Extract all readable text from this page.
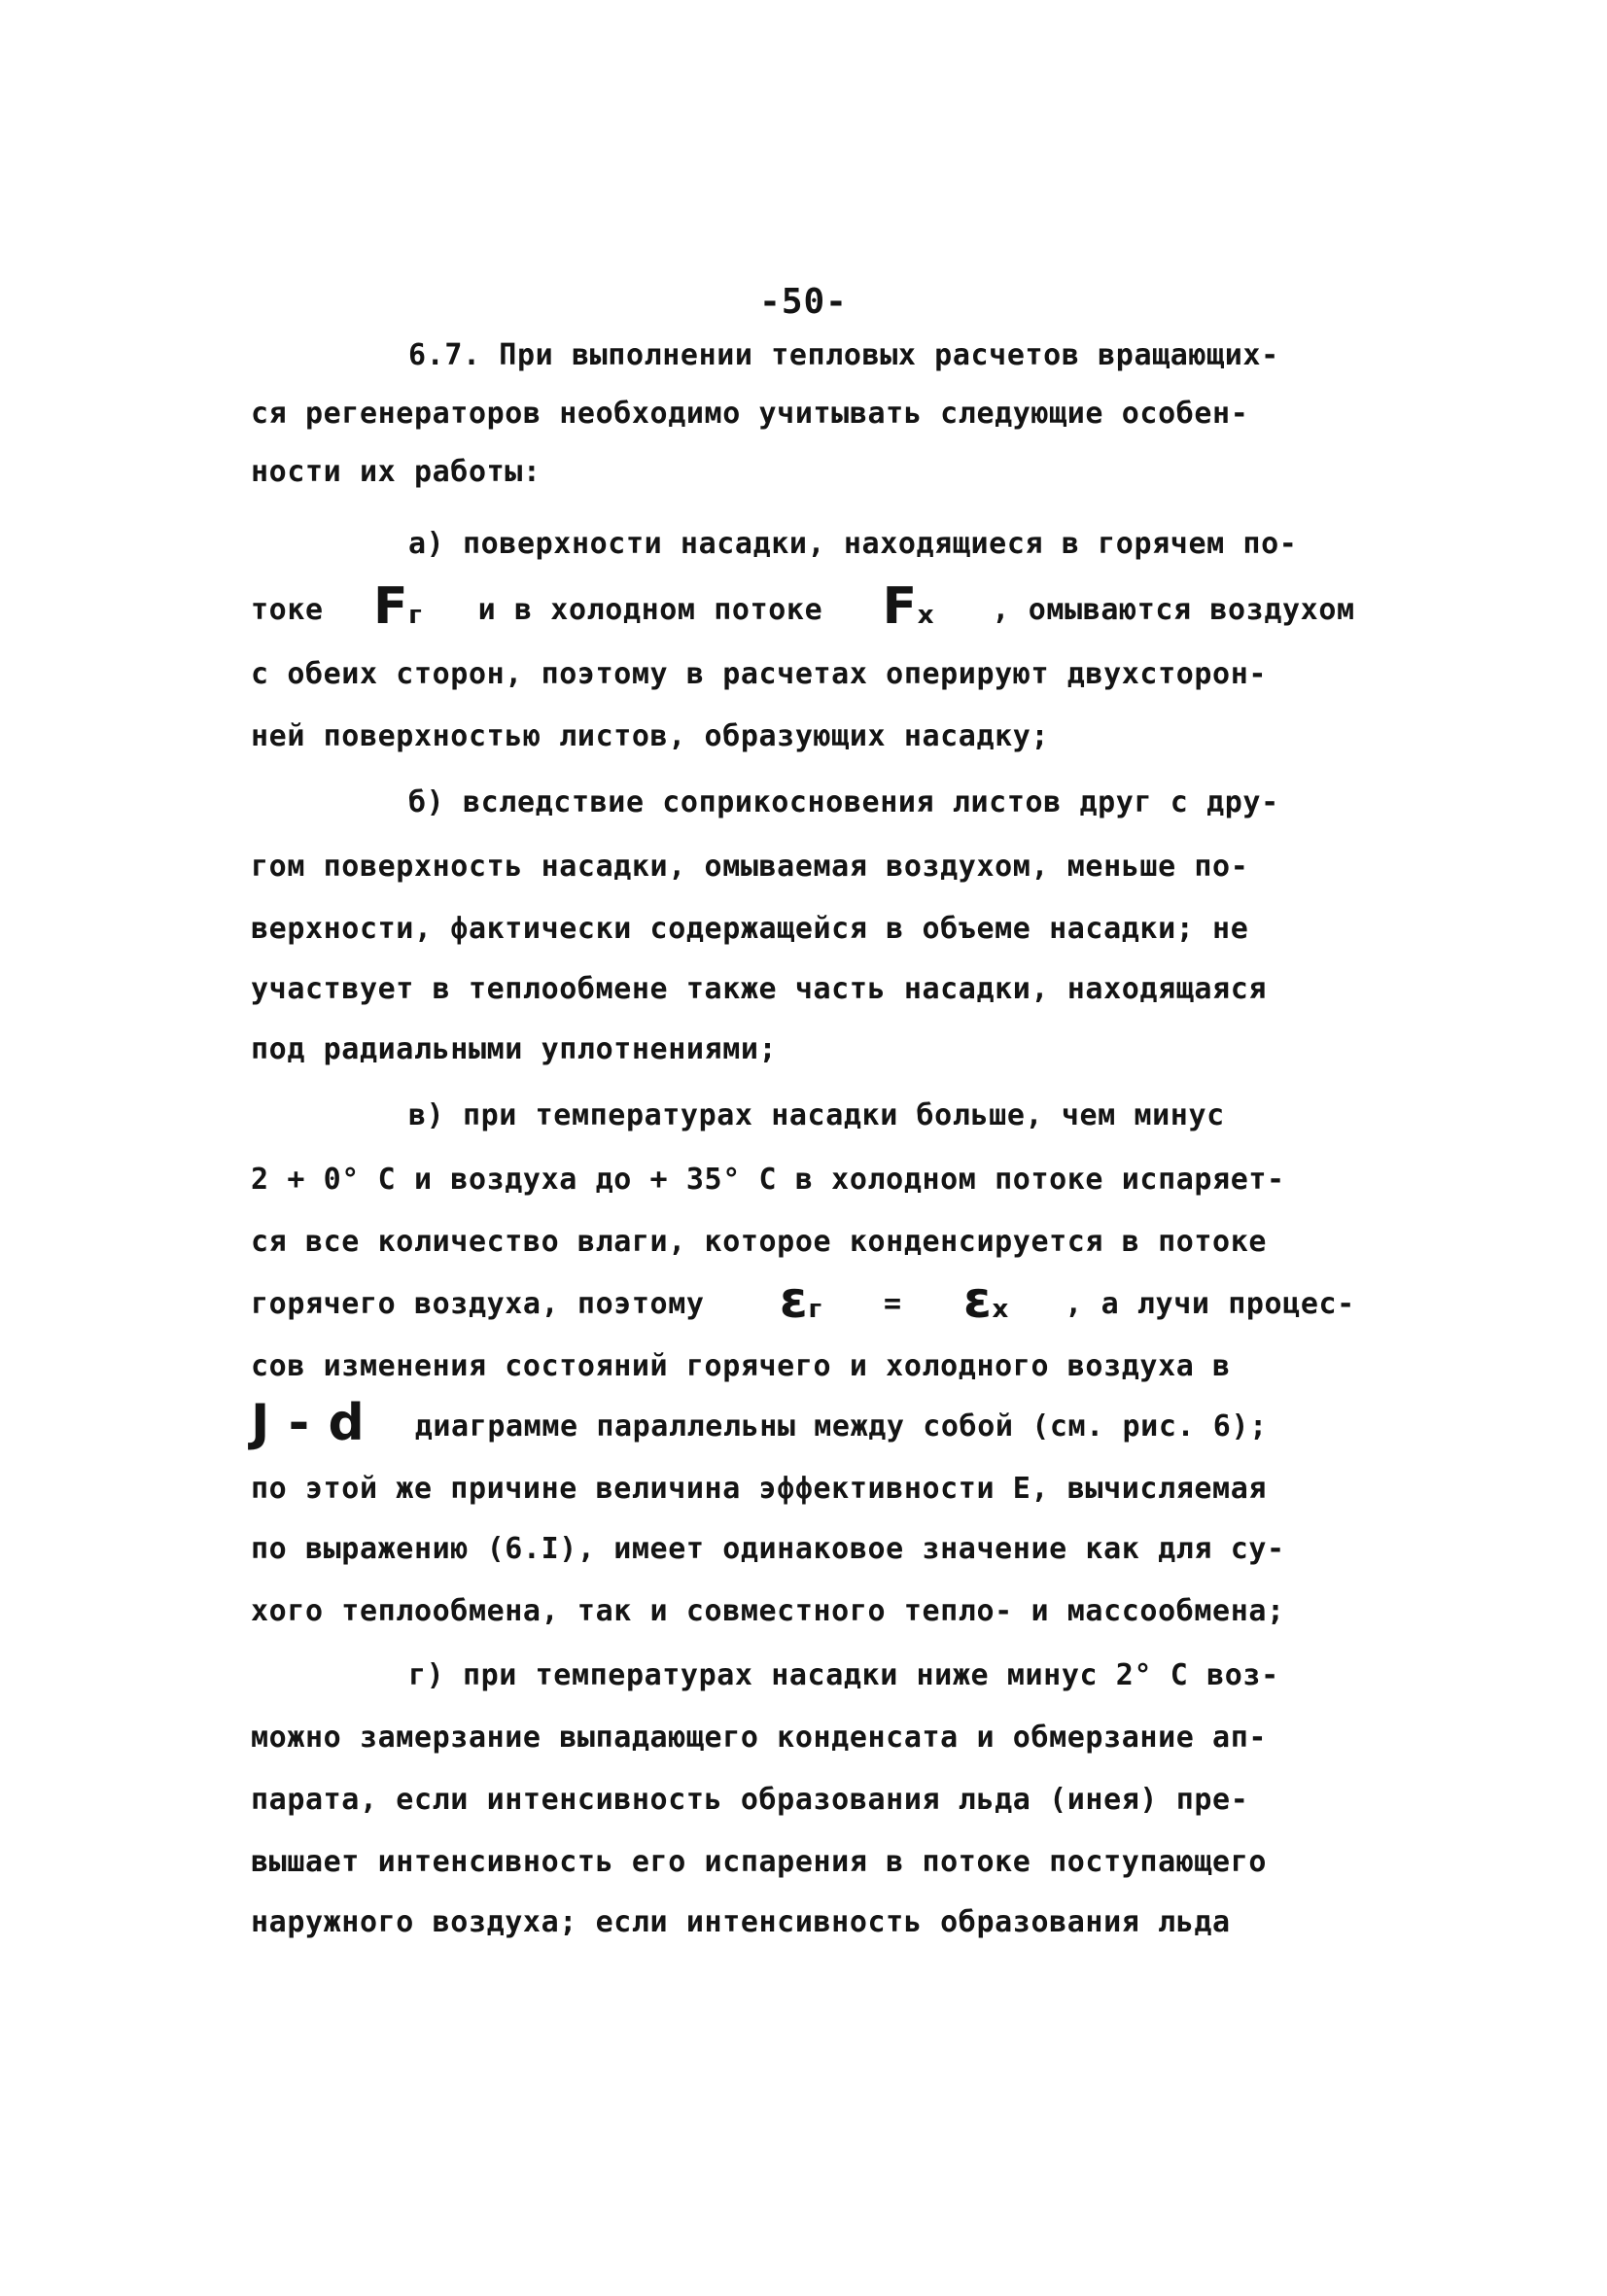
-50-
6.7. При выполнении тепловых расчетов вращающих-
ся регенераторов необходимо учитывать следующие особен-
ности их работы:
а) поверхности насадки, находящиеся в горячем по-
токе Fг и в холодном потоке Fх , омываются воздухом
с обеих сторон, поэтому в расчетах оперируют двухсторон-
ней поверхностью листов, образующих насадку;
б) вследствие соприкосновения листов друг с дру-
гом поверхность насадки, омываемая воздухом, меньше по-
верхности, фактически содержащейся в объеме насадки; не
участвует в теплообмене также часть насадки, находящаяся
под радиальными уплотнениями;
в) при температурах насадки больше, чем минус
2 + 0° С и воздуха до + 35° С в холодном потоке испаряет-
ся все количество влаги, которое конденсируется в потоке
горячего воздуха, поэтому εг = εх , а лучи процес-
сов изменения состояний горячего и холодного воздуха в
J - d диаграмме параллельны между собой (см. рис. 6);
по этой же причине величина эффективности Е, вычисляемая
по выражению (6.I), имеет одинаковое значение как для су-
хого теплообмена, так и совместного тепло- и массообмена;
г) при температурах насадки ниже минус 2° С воз-
можно замерзание выпадающего конденсата и обмерзание ап-
парата, если интенсивность образования льда (инея) пре-
вышает интенсивность его испарения в потоке поступающего
наружного воздуха; если интенсивность образования льда
